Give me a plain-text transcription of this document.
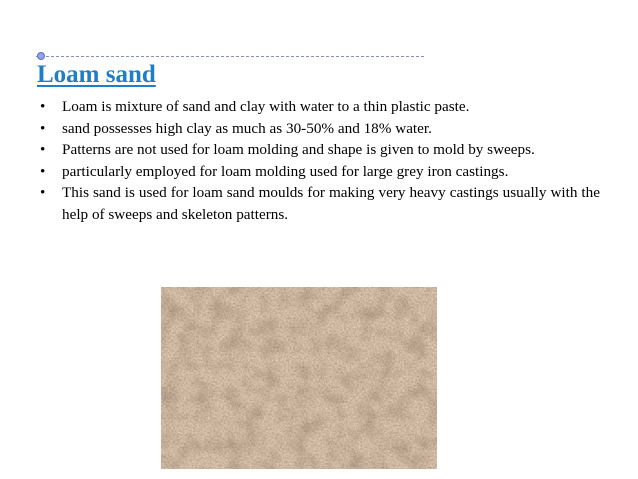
Loam sand
• Loam is mixture of sand and clay with water to a thin plastic paste.
• sand possesses high clay as much as 30-50% and 18% water.
• Patterns are not used for loam molding and shape is given to mold by sweeps.
• particularly employed for loam molding used for large grey iron castings.
• This sand is used for loam sand moulds for making very heavy castings usually with the help of sweeps and skeleton patterns.
